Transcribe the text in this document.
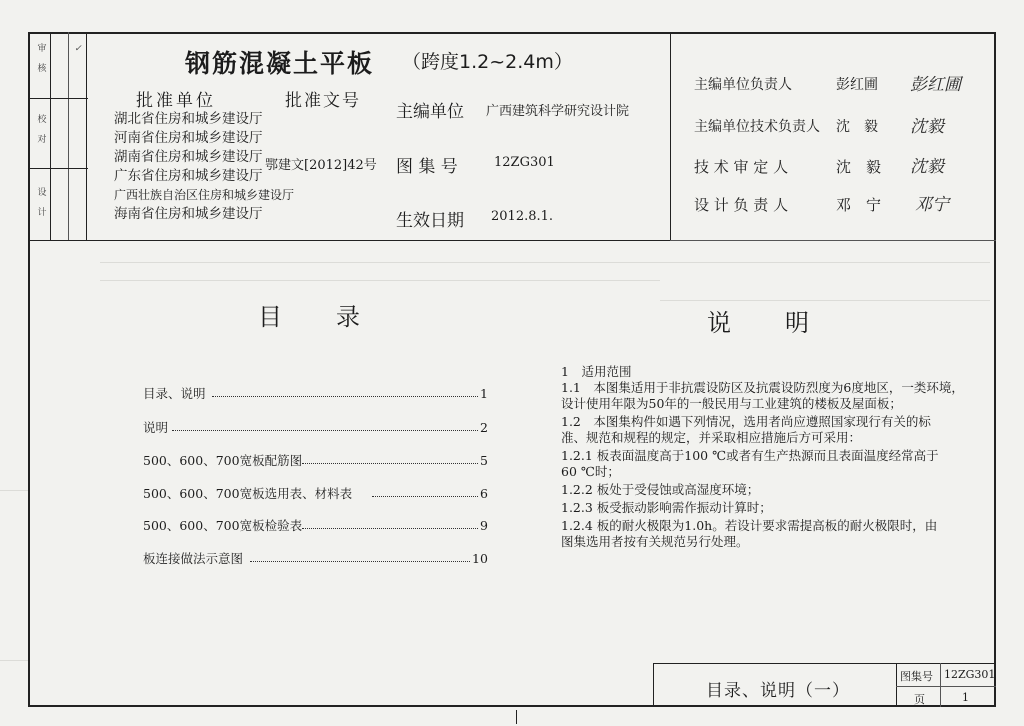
审

核
校

对
设

计
✓	钢筋混凝土平板 （跨度1.2~2.4m）
批准单位	批准文号
主编单位 广西建筑科学研究设计院
湖北省住房和城乡建设厅
河南省住房和城乡建设厅
湖南省住房和城乡建设厅
广东省住房和城乡建设厅
广西壮族自治区住房和城乡建设厅
海南省住房和城乡建设厅
鄂建文[2012]42号 图 集 号	12ZG301
生效日期 2012.8.1.
主编单位负责人	彭红圃 彭红圃
主编单位技术负责人 沈　毅 沈毅
技 术 审 定 人	沈　毅 沈毅
设 计 负 责 人	邓　宁 邓宁
目　　录
目录、说明	1
说明	2
500、600、700宽板配筋图	5
500、600、700宽板选用表、材料表	6
500、600、700宽板检验表	9
板连接做法示意图	10
说　　明
1　适用范围
1.1　本图集适用于非抗震设防区及抗震设防烈度为6度地区，一类环境，
设计使用年限为50年的一般民用与工业建筑的楼板及屋面板；
1.2　本图集构件如遇下列情况，选用者尚应遵照国家现行有关的标
准、规范和规程的规定，并采取相应措施后方可采用：
1.2.1 板表面温度高于100 ℃或者有生产热源而且表面温度经常高于
60 ℃时；
1.2.2 板处于受侵蚀或高湿度环境；
1.2.3 板受振动影响需作振动计算时；
1.2.4 板的耐火极限为1.0h。若设计要求需提高板的耐火极限时，由
图集选用者按有关规范另行处理。
目录、说明（一）
图集号 12ZG301
页	1
